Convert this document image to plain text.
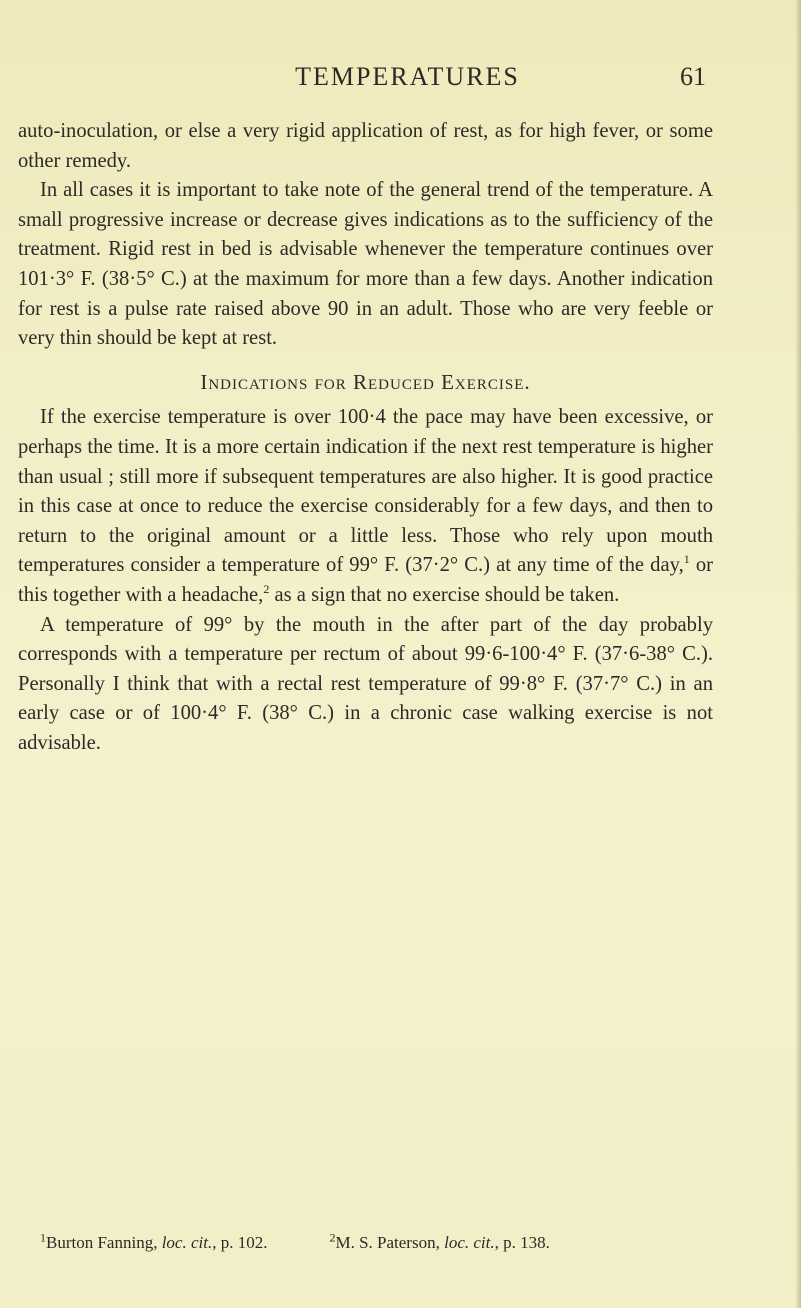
TEMPERATURES	61

auto-inoculation, or else a very rigid application of rest, as for high fever, or some other remedy.

In all cases it is important to take note of the general trend of the temperature. A small progressive increase or decrease gives indications as to the sufficiency of the treatment. Rigid rest in bed is advisable whenever the temperature continues over 101·3° F. (38·5° C.) at the maximum for more than a few days. Another indication for rest is a pulse rate raised above 90 in an adult. Those who are very feeble or very thin should be kept at rest.

Indications for Reduced Exercise.

If the exercise temperature is over 100·4 the pace may have been excessive, or perhaps the time. It is a more certain indication if the next rest temperature is higher than usual ; still more if subsequent temperatures are also higher. It is good practice in this case at once to reduce the exercise considerably for a few days, and then to return to the original amount or a little less. Those who rely upon mouth temperatures consider a temperature of 99° F. (37·2° C.) at any time of the day,$^1$ or this together with a headache,$^2$ as a sign that no exercise should be taken.

A temperature of 99° by the mouth in the after part of the day probably corresponds with a temperature per rectum of about 99·6-100·4° F. (37·6-38° C.). Personally I think that with a rectal rest temperature of 99·8° F. (37·7° C.) in an early case or of 100·4° F. (38° C.) in a chronic case walking exercise is not advisable.

$^1$Burton Fanning, loc. cit., p. 102.	$^2$M. S. Paterson, loc. cit., p. 138.
